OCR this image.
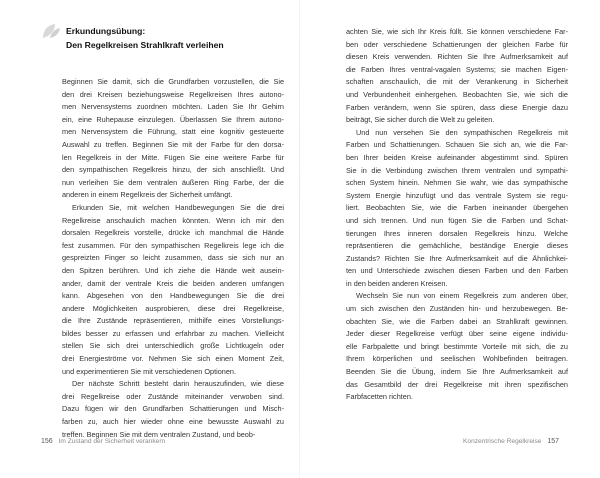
Erkundungsübung:
Den Regelkreisen Strahlkraft verleihen
Beginnen Sie damit, sich die Grundfarben vorzustellen, die Sie
den drei Kreisen beziehungsweise Regelkreisen Ihres autono-
men Nervensystems zuordnen möchten. Laden Sie Ihr Gehirn
ein, eine Ruhepause einzulegen. Überlassen Sie Ihrem autono-
men Nervensystem die Führung, statt eine kognitiv gesteuerte
Auswahl zu treffen. Beginnen Sie mit der Farbe für den dorsa-
len Regelkreis in der Mitte. Fügen Sie eine weitere Farbe für
den sympathischen Regelkreis hinzu, der sich anschließt. Und
nun verleihen Sie dem ventralen äußeren Ring Farbe, der die
anderen in einem Regelkreis der Sicherheit umfängt.
Erkunden Sie, mit welchen Handbewegungen Sie die drei
Regelkreise anschaulich machen könnten. Wenn ich mir den
dorsalen Regelkreis vorstelle, drücke ich manchmal die Hände
fest zusammen. Für den sympathischen Regelkreis lege ich die
gespreizten Finger so leicht zusammen, dass sie sich nur an
den Spitzen berühren. Und ich ziehe die Hände weit ausein-
ander, damit der ventrale Kreis die beiden anderen umfangen
kann. Abgesehen von den Handbewegungen Sie die drei
andere Möglichkeiten ausprobieren, diese drei Regelkreise,
die Ihre Zustände repräsentieren, mithilfe eines Vorstellungs-
bildes besser zu erfassen und erfahrbar zu machen. Vielleicht
stellen Sie sich drei unterschiedlich große Lichtkugeln oder
drei Energieströme vor. Nehmen Sie sich einen Moment Zeit,
und experimentieren Sie mit verschiedenen Optionen.
Der nächste Schritt besteht darin herauszufinden, wie diese
drei Regelkreise oder Zustände miteinander verwoben sind.
Dazu fügen wir den Grundfarben Schattierungen und Misch-
farben zu, auch hier wieder ohne eine bewusste Auswahl zu
treffen. Beginnen Sie mit dem ventralen Zustand, und beob-
achten Sie, wie sich Ihr Kreis füllt. Sie können verschiedene Far-
ben oder verschiedene Schattierungen der gleichen Farbe für
diesen Kreis verwenden. Richten Sie Ihre Aufmerksamkeit auf
die Farben Ihres ventral-vagalen Systems; sie machen Eigen-
schaften anschaulich, die mit der Verankerung in Sicherheit
und Verbundenheit einhergehen. Beobachten Sie, wie sich die
Farben verändern, wenn Sie spüren, dass diese Energie dazu
beiträgt, Sie sicher durch die Welt zu geleiten.
Und nun versehen Sie den sympathischen Regelkreis mit
Farben und Schattierungen. Schauen Sie sich an, wie die Far-
ben Ihrer beiden Kreise aufeinander abgestimmt sind. Spüren
Sie in die Verbindung zwischen Ihrem ventralen und sympathi-
schen System hinein. Nehmen Sie wahr, wie das sympathische
System Energie hinzufügt und das ventrale System sie regu-
liert. Beobachten Sie, wie die Farben ineinander übergehen
und sich trennen. Und nun fügen Sie die Farben und Schat-
tierungen Ihres inneren dorsalen Regelkreis hinzu. Welche
repräsentieren die gemächliche, beständige Energie dieses
Zustands? Richten Sie Ihre Aufmerksamkeit auf die Ähnlichkei-
ten und Unterschiede zwischen diesen Farben und den Farben
in den beiden anderen Kreisen.
Wechseln Sie nun von einem Regelkreis zum anderen über,
um sich zwischen den Zuständen hin- und herzubewegen. Be-
obachten Sie, wie die Farben dabei an Strahlkraft gewinnen.
Jeder dieser Regelkreise verfügt über seine eigene individu-
elle Farbpalette und bringt bestimmte Vorteile mit sich, die zu
Ihrem körperlichen und seelischen Wohlbefinden beitragen.
Beenden Sie die Übung, indem Sie Ihre Aufmerksamkeit auf
das Gesamtbild der drei Regelkreise mit ihren spezifischen
Farbfacetten richten.
156 Im Zustand der Sicherheit verankern	Konzentrische Regelkreise 157
